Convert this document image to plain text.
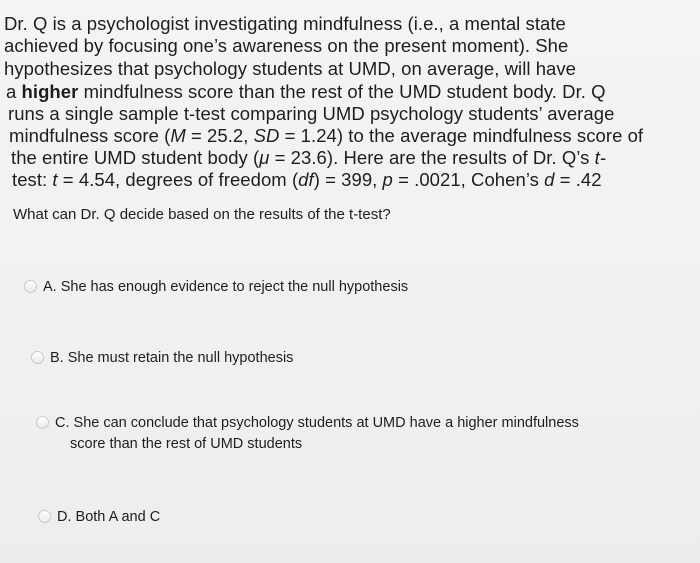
Dr. Q is a psychologist investigating mindfulness (i.e., a mental state
achieved by focusing one’s awareness on the present moment). She
hypothesizes that psychology students at UMD, on average, will have
a higher mindfulness score than the rest of the UMD student body. Dr. Q
runs a single sample t-test comparing UMD psychology students’ average
mindfulness score (M = 25.2, SD = 1.24) to the average mindfulness score of
the entire UMD student body (μ = 23.6). Here are the results of Dr. Q’s t-
test: t = 4.54, degrees of freedom (df) = 399, p = .0021, Cohen’s d = .42
What can Dr. Q decide based on the results of the t-test?
A. She has enough evidence to reject the null hypothesis
B. She must retain the null hypothesis
C. She can conclude that psychology students at UMD have a higher mindfulness
score than the rest of UMD students
D. Both A and C
